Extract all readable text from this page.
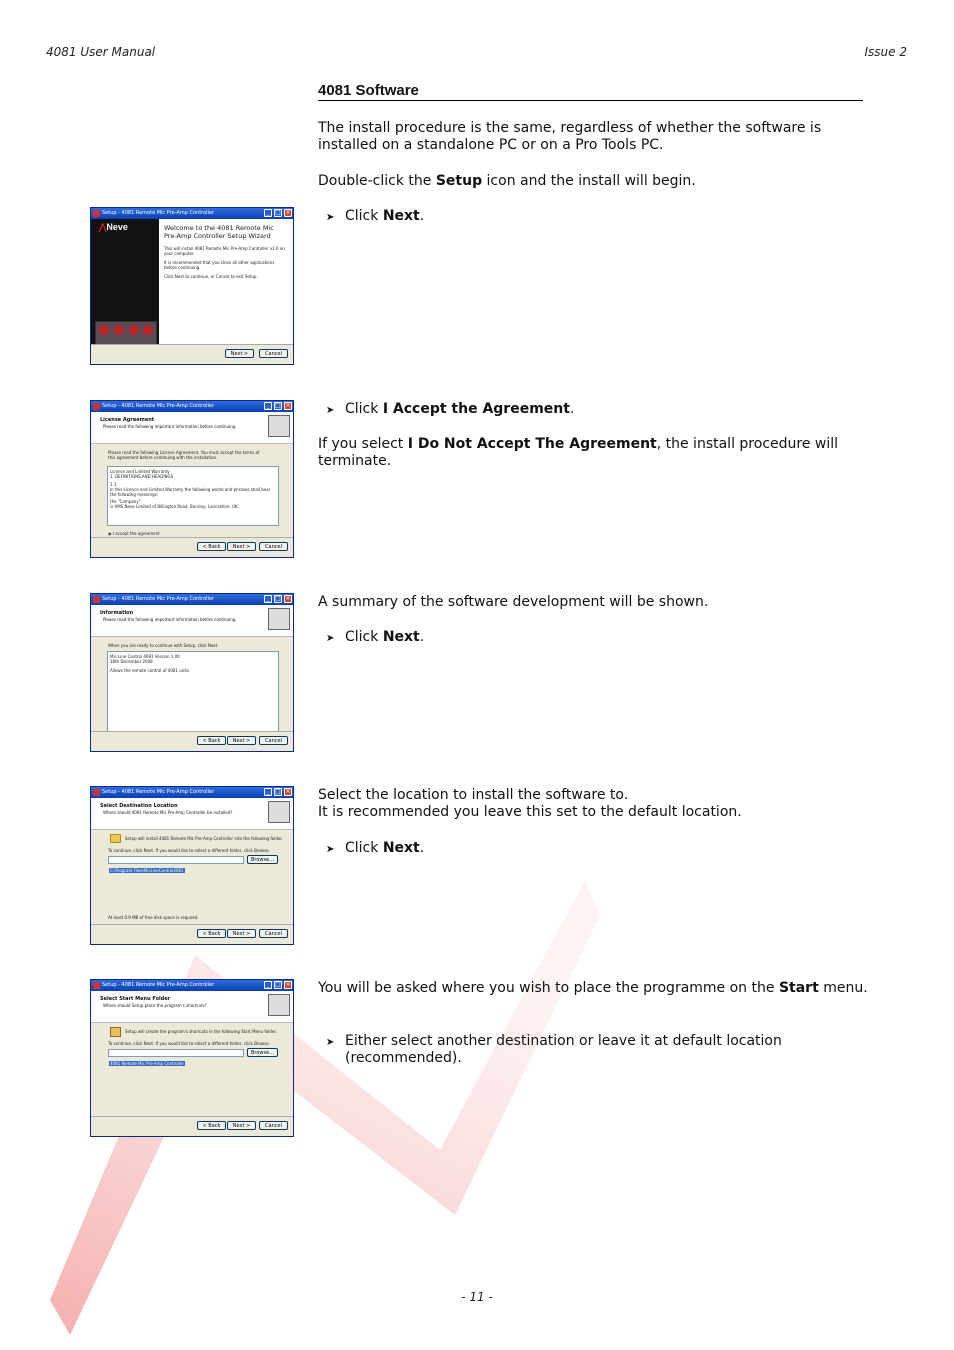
4081 User Manual	Issue 2
4081 Software

The install procedure is the same, regardless of whether the software is installed on a standalone PC or on a Pro Tools PC.

Double-click the Setup icon and the install will begin.

➤ Click Next.
Setup - 4081 Remote Mic Pre-Amp Controller	_ □ ×
⋀Neve	Welcome to the 4081 Remote Mic Pre-Amp Controller Setup Wizard
This will install 4081 Remote Mic Pre-Amp Controller v1.0 on your computer.
It is recommended that you close all other applications before continuing.
Click Next to continue, or Cancel to exit Setup.
Next >	Cancel
➤ Click I Accept the Agreement.

If you select I Do Not Accept The Agreement, the install procedure will terminate.

Setup - 4081 Remote Mic Pre-Amp Controller	_ □ ×
License Agreement
Please read the following important information before continuing.
Please read the following License Agreement. You must accept the terms of this agreement before continuing with the installation.
License and Limited Warranty
1. DEFINITIONS AND HEADINGS
1.1
In this Licence and Limited Warranty the following words and phrases shall bear the following meanings:
the "Company"
is AMS Neve Limited of Billington Road, Burnley, Lancashire, UK;
◉ I accept the agreement
< Back	Next >	Cancel

A summary of the software development will be shown.

➤ Click Next.
Setup - 4081 Remote Mic Pre-Amp Controller	_ □ ×
Information
Please read the following important information before continuing.
When you are ready to continue with Setup, click Next.
Mic Line Control 4081 Version 1.00
18th December 2008
Allows the remote control of 4081 units
< Back	Next >	Cancel

Select the location to install the software to.

It is recommended you leave this set to the default location.

➤ Click Next.
Setup - 4081 Remote Mic Pre-Amp Controller	_ □ ×
Select Destination Location
Where should 4081 Remote Mic Pre-Amp Controller be installed?
Setup will install 4081 Remote Mic Pre-Amp Controller into the following folder.
To continue, click Next. If you would like to select a different folder, click Browse.
C:\Program Files\MicLineControl4081
Browse...
At least 0.9 MB of free disk space is required.
< Back	Next >	Cancel

You will be asked where you wish to place the programme on the Start menu.

➤ Either select another destination or leave it at default location (recommended).
Setup - 4081 Remote Mic Pre-Amp Controller	_ □ ×
Select Start Menu Folder
Where should Setup place the program's shortcuts?
Setup will create the program's shortcuts in the following Start Menu folder.
To continue, click Next. If you would like to select a different folder, click Browse.
4081 Remote Mic Pre-Amp Controller
Browse...
< Back	Next >	Cancel
- 11 -
